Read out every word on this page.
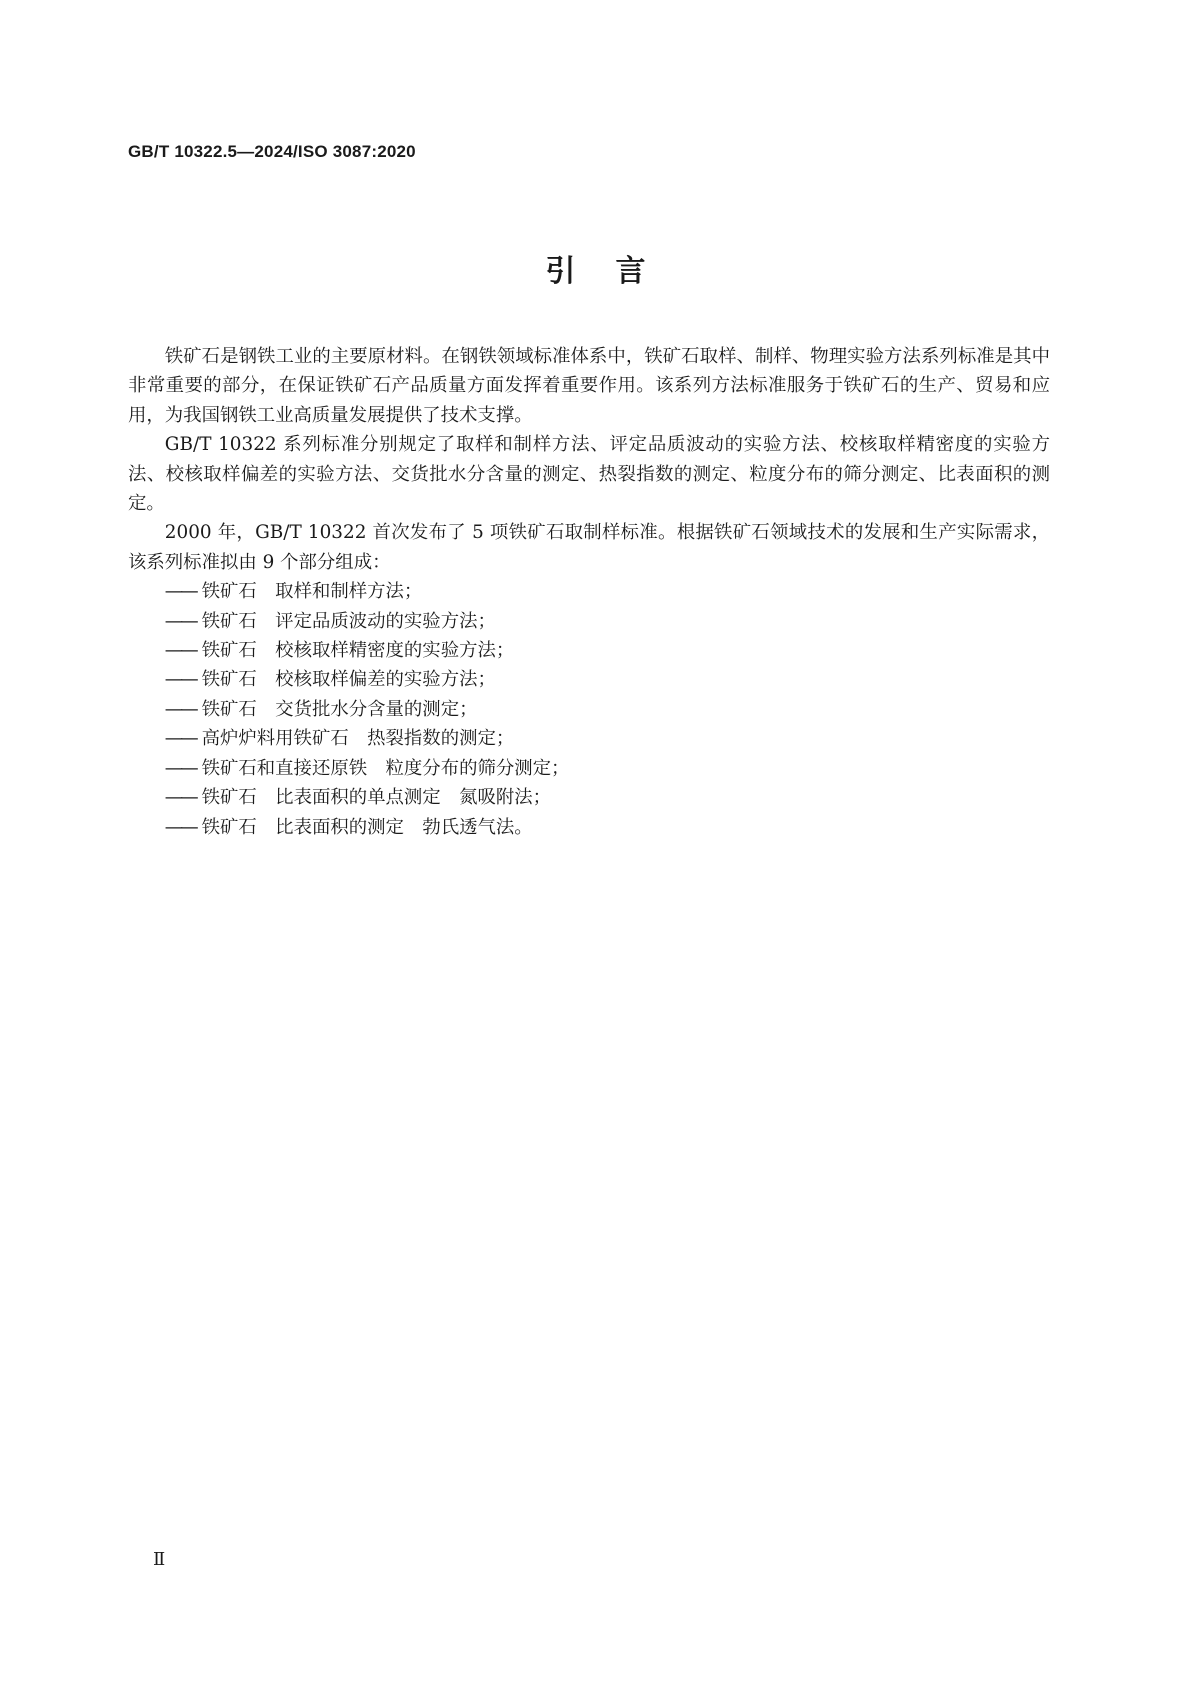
GB/T 10322.5—2024/ISO 3087:2020
引言

铁矿石是钢铁工业的主要原材料。在钢铁领域标准体系中，铁矿石取样、制样、物理实验方法系列标准是其中非常重要的部分，在保证铁矿石产品质量方面发挥着重要作用。该系列方法标准服务于铁矿石的生产、贸易和应用，为我国钢铁工业高质量发展提供了技术支撑。

GB/T 10322 系列标准分别规定了取样和制样方法、评定品质波动的实验方法、校核取样精密度的实验方法、校核取样偏差的实验方法、交货批水分含量的测定、热裂指数的测定、粒度分布的筛分测定、比表面积的测定。

2000 年，GB/T 10322 首次发布了 5 项铁矿石取制样标准。根据铁矿石领域技术的发展和生产实际需求，该系列标准拟由 9 个部分组成：

—— 铁矿石 取样和制样方法；
—— 铁矿石 评定品质波动的实验方法；
—— 铁矿石 校核取样精密度的实验方法；
—— 铁矿石 校核取样偏差的实验方法；
—— 铁矿石 交货批水分含量的测定；
—— 高炉炉料用铁矿石 热裂指数的测定；
—— 铁矿石和直接还原铁 粒度分布的筛分测定；
—— 铁矿石 比表面积的单点测定 氮吸附法；
—— 铁矿石 比表面积的测定 勃氏透气法。
Ⅱ
